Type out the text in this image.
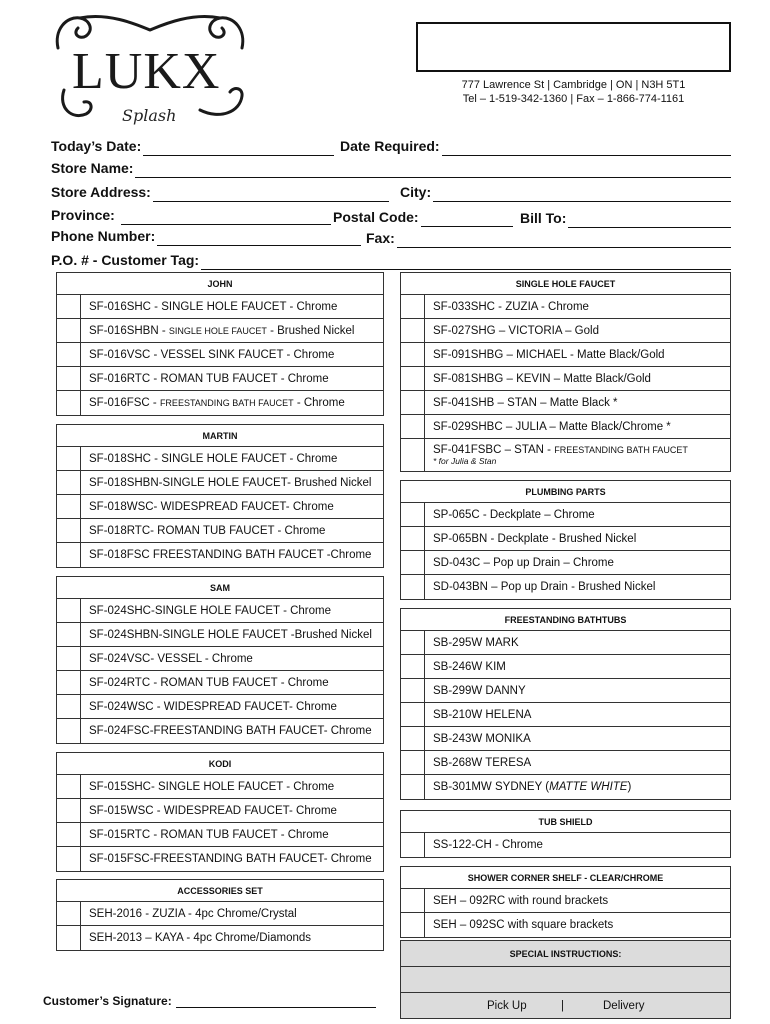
LUKX
Splash
777 Lawrence St | Cambridge | ON | N3H 5T1
Tel – 1-519-342-1360 | Fax – 1-866-774-1161
Today’s Date:	Date Required:
Store Name:
Store Address:	City:
Province:	Postal Code:	Bill To:
Phone Number:	Fax:
P.O. # - Customer Tag:
JOHN
SF-016SHC - SINGLE HOLE FAUCET - Chrome
SF-016SHBN - SINGLE HOLE FAUCET - Brushed Nickel
SF-016VSC - VESSEL SINK FAUCET - Chrome
SF-016RTC - ROMAN TUB FAUCET - Chrome
SF-016FSC - FREESTANDING BATH FAUCET - Chrome
MARTIN
SF-018SHC - SINGLE HOLE FAUCET - Chrome
SF-018SHBN-SINGLE HOLE FAUCET- Brushed Nickel
SF-018WSC- WIDESPREAD FAUCET- Chrome
SF-018RTC- ROMAN TUB FAUCET - Chrome
SF-018FSC FREESTANDING BATH FAUCET -Chrome
SAM
SF-024SHC-SINGLE HOLE FAUCET - Chrome
SF-024SHBN-SINGLE HOLE FAUCET -Brushed Nickel
SF-024VSC- VESSEL - Chrome
SF-024RTC - ROMAN TUB FAUCET - Chrome
SF-024WSC - WIDESPREAD FAUCET- Chrome
SF-024FSC-FREESTANDING BATH FAUCET- Chrome
KODI
SF-015SHC- SINGLE HOLE FAUCET - Chrome
SF-015WSC - WIDESPREAD FAUCET- Chrome
SF-015RTC - ROMAN TUB FAUCET - Chrome
SF-015FSC-FREESTANDING BATH FAUCET- Chrome
ACCESSORIES SET
SEH-2016 - ZUZIA - 4pc Chrome/Crystal
SEH-2013 – KAYA - 4pc Chrome/Diamonds
SINGLE HOLE FAUCET
SF-033SHC - ZUZIA - Chrome
SF-027SHG – VICTORIA – Gold
SF-091SHBG – MICHAEL - Matte Black/Gold
SF-081SHBG – KEVIN – Matte Black/Gold
SF-041SHB – STAN – Matte Black *
SF-029SHBC – JULIA – Matte Black/Chrome *
SF-041FSBC – STAN - FREESTANDING BATH FAUCET
* for Julia & Stan
PLUMBING PARTS
SP-065C - Deckplate – Chrome
SP-065BN - Deckplate - Brushed Nickel
SD-043C – Pop up Drain – Chrome
SD-043BN – Pop up Drain - Brushed Nickel
FREESTANDING BATHTUBS
SB-295W MARK
SB-246W KIM
SB-299W DANNY
SB-210W HELENA
SB-243W MONIKA
SB-268W TERESA
SB-301MW SYDNEY (MATTE WHITE)
TUB SHIELD
SS-122-CH - Chrome
SHOWER CORNER SHELF - CLEAR/CHROME
SEH – 092RC with round brackets
SEH – 092SC with square brackets
SPECIAL INSTRUCTIONS:
Pick Up	|	Delivery
Customer’s Signature:
